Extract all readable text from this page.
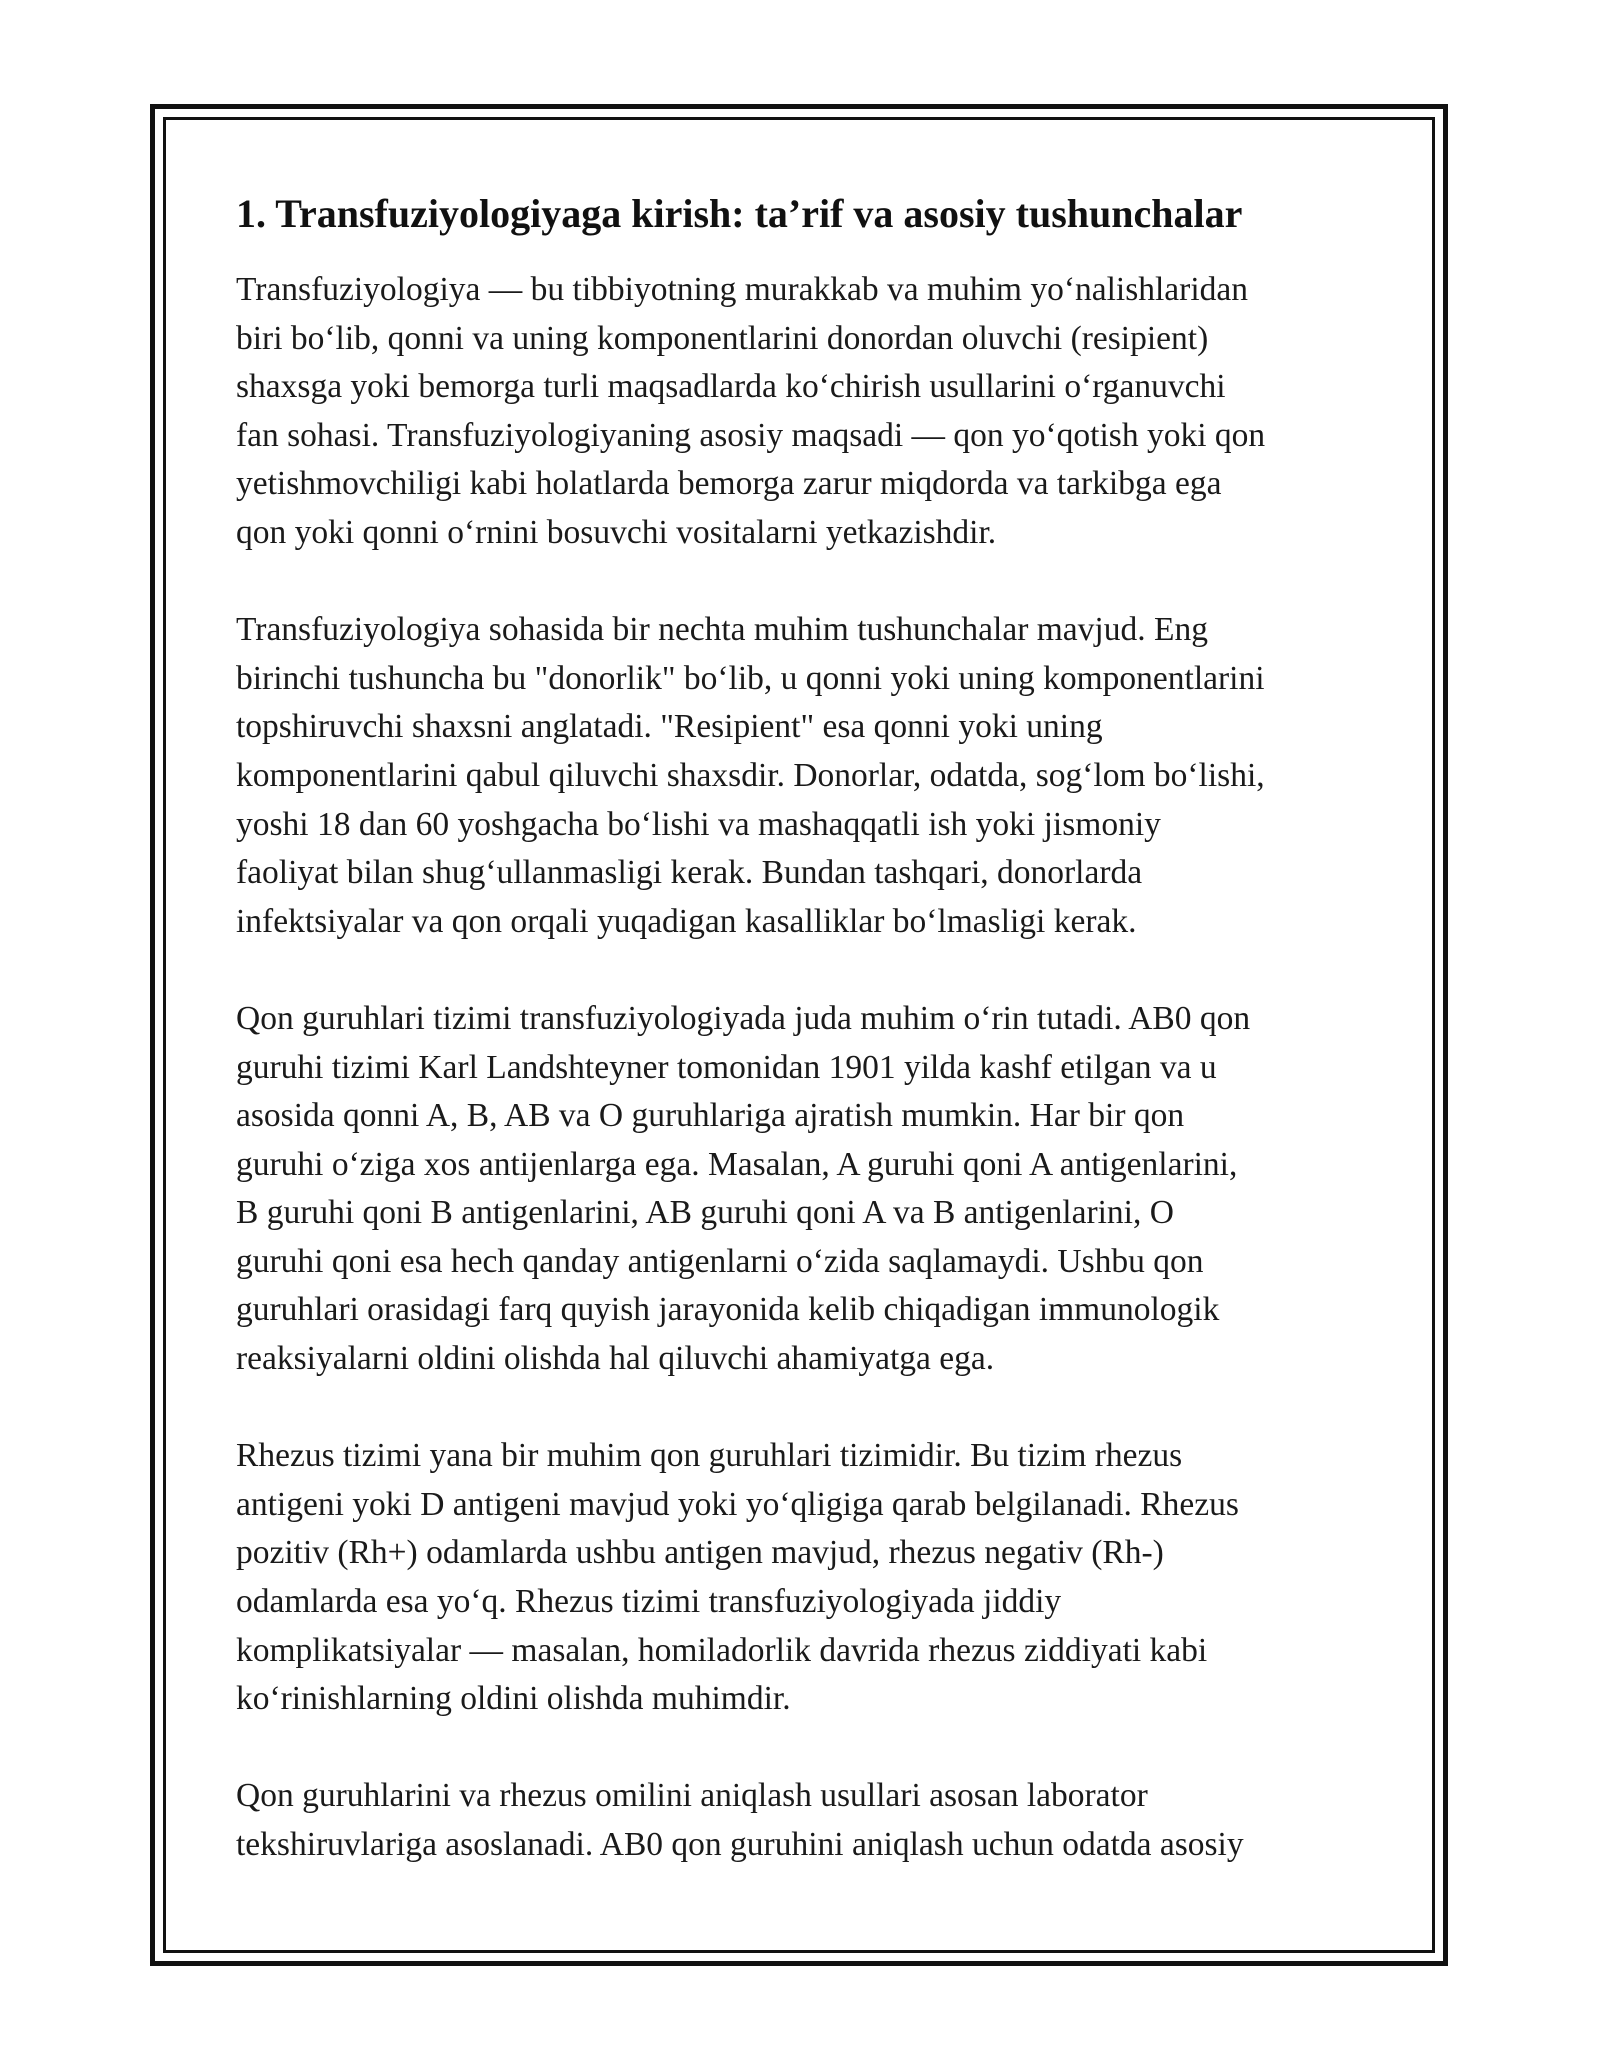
1. Transfuziyologiyaga kirish: ta’rif va asosiy tushunchalar
Transfuziyologiya — bu tibbiyotning murakkab va muhim yo‘nalishlaridan
biri bo‘lib, qonni va uning komponentlarini donordan oluvchi (resipient)
shaxsga yoki bemorga turli maqsadlarda ko‘chirish usullarini o‘rganuvchi
fan sohasi. Transfuziyologiyaning asosiy maqsadi — qon yo‘qotish yoki qon
yetishmovchiligi kabi holatlarda bemorga zarur miqdorda va tarkibga ega
qon yoki qonni o‘rnini bosuvchi vositalarni yetkazishdir.
Transfuziyologiya sohasida bir nechta muhim tushunchalar mavjud. Eng
birinchi tushuncha bu "donorlik" bo‘lib, u qonni yoki uning komponentlarini
topshiruvchi shaxsni anglatadi. "Resipient" esa qonni yoki uning
komponentlarini qabul qiluvchi shaxsdir. Donorlar, odatda, sog‘lom bo‘lishi,
yoshi 18 dan 60 yoshgacha bo‘lishi va mashaqqatli ish yoki jismoniy
faoliyat bilan shug‘ullanmasligi kerak. Bundan tashqari, donorlarda
infektsiyalar va qon orqali yuqadigan kasalliklar bo‘lmasligi kerak.
Qon guruhlari tizimi transfuziyologiyada juda muhim o‘rin tutadi. AB0 qon
guruhi tizimi Karl Landshteyner tomonidan 1901 yilda kashf etilgan va u
asosida qonni A, B, AB va O guruhlariga ajratish mumkin. Har bir qon
guruhi o‘ziga xos antijenlarga ega. Masalan, A guruhi qoni A antigenlarini,
B guruhi qoni B antigenlarini, AB guruhi qoni A va B antigenlarini, O
guruhi qoni esa hech qanday antigenlarni o‘zida saqlamaydi. Ushbu qon
guruhlari orasidagi farq quyish jarayonida kelib chiqadigan immunologik
reaksiyalarni oldini olishda hal qiluvchi ahamiyatga ega.
Rhezus tizimi yana bir muhim qon guruhlari tizimidir. Bu tizim rhezus
antigeni yoki D antigeni mavjud yoki yo‘qligiga qarab belgilanadi. Rhezus
pozitiv (Rh+) odamlarda ushbu antigen mavjud, rhezus negativ (Rh-)
odamlarda esa yo‘q. Rhezus tizimi transfuziyologiyada jiddiy
komplikatsiyalar — masalan, homiladorlik davrida rhezus ziddiyati kabi
ko‘rinishlarning oldini olishda muhimdir.
Qon guruhlarini va rhezus omilini aniqlash usullari asosan laborator
tekshiruvlariga asoslanadi. AB0 qon guruhini aniqlash uchun odatda asosiy
